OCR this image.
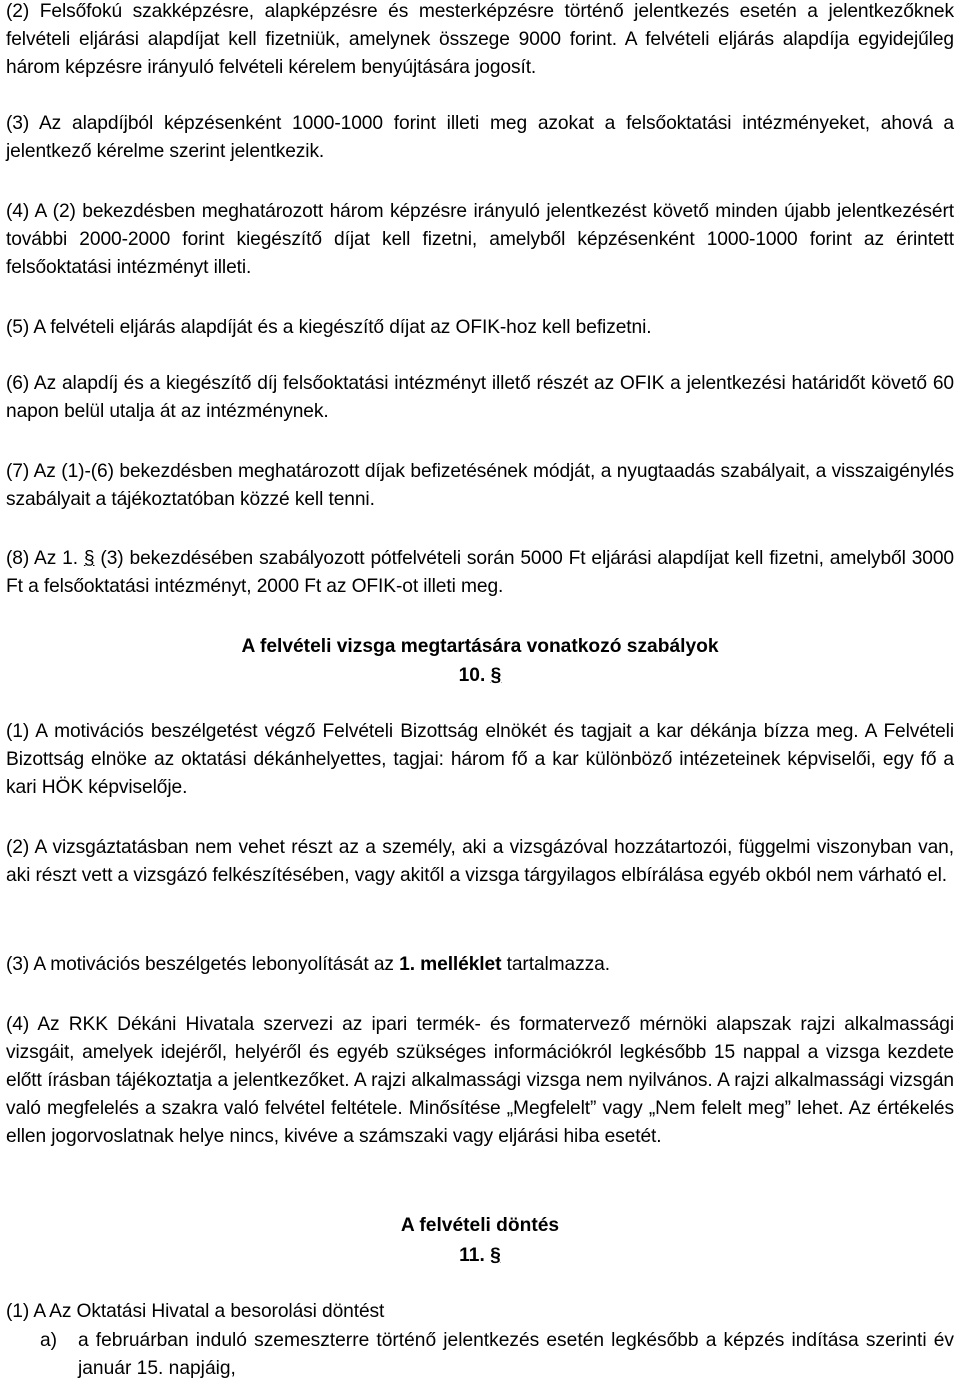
(2) Felsőfokú szakképzésre, alapképzésre és mesterképzésre történő jelentkezés esetén a jelentkezőknek felvételi eljárási alapdíjat kell fizetniük, amelynek összege 9000 forint. A felvételi eljárás alapdíja egyidejűleg három képzésre irányuló felvételi kérelem benyújtására jogosít.

(3) Az alapdíjból képzésenként 1000-1000 forint illeti meg azokat a felsőoktatási intézményeket, ahová a jelentkező kérelme szerint jelentkezik.

(4) A (2) bekezdésben meghatározott három képzésre irányuló jelentkezést követő minden újabb jelentkezésért további 2000-2000 forint kiegészítő díjat kell fizetni, amelyből képzésenként 1000-1000 forint az érintett felsőoktatási intézményt illeti.

(5) A felvételi eljárás alapdíját és a kiegészítő díjat az OFIK-hoz kell befizetni.

(6) Az alapdíj és a kiegészítő díj felsőoktatási intézményt illető részét az OFIK a jelentkezési határidőt követő 60 napon belül utalja át az intézménynek.

(7) Az (1)-(6) bekezdésben meghatározott díjak befizetésének módját, a nyugtaadás szabályait, a visszaigénylés szabályait a tájékoztatóban közzé kell tenni.

(8) Az 1. § (3) bekezdésében szabályozott pótfelvételi során 5000 Ft eljárási alapdíjat kell fizetni, amelyből 3000 Ft a felsőoktatási intézményt, 2000 Ft az OFIK-ot illeti meg.

A felvételi vizsga megtartására vonatkozó szabályok
10. §

(1) A motivációs beszélgetést végző Felvételi Bizottság elnökét és tagjait a kar dékánja bízza meg. A Felvételi Bizottság elnöke az oktatási dékánhelyettes, tagjai: három fő a kar különböző intézeteinek képviselői, egy fő a kari HÖK képviselője.

(2) A vizsgáztatásban nem vehet részt az a személy, aki a vizsgázóval hozzátartozói, függelmi viszonyban van, aki részt vett a vizsgázó felkészítésében, vagy akitől a vizsga tárgyilagos elbírálása egyéb okból nem várható el.

(3) A motivációs beszélgetés lebonyolítását az 1. melléklet tartalmazza.

(4) Az RKK Dékáni Hivatala szervezi az ipari termék- és formatervező mérnöki alapszak rajzi alkalmassági vizsgáit, amelyek idejéről, helyéről és egyéb szükséges információkról legkésőbb 15 nappal a vizsga kezdete előtt írásban tájékoztatja a jelentkezőket. A rajzi alkalmassági vizsga nem nyilvános. A rajzi alkalmassági vizsgán való megfelelés a szakra való felvétel feltétele. Minősítése „Megfelelt” vagy „Nem felelt meg” lehet. Az értékelés ellen jogorvoslatnak helye nincs, kivéve a számszaki vagy eljárási hiba esetét.

A felvételi döntés
11. §

(1) A Az Oktatási Hivatal a besorolási döntést

a) a februárban induló szemeszterre történő jelentkezés esetén legkésőbb a képzés indítása szerinti év január 15. napjáig,
